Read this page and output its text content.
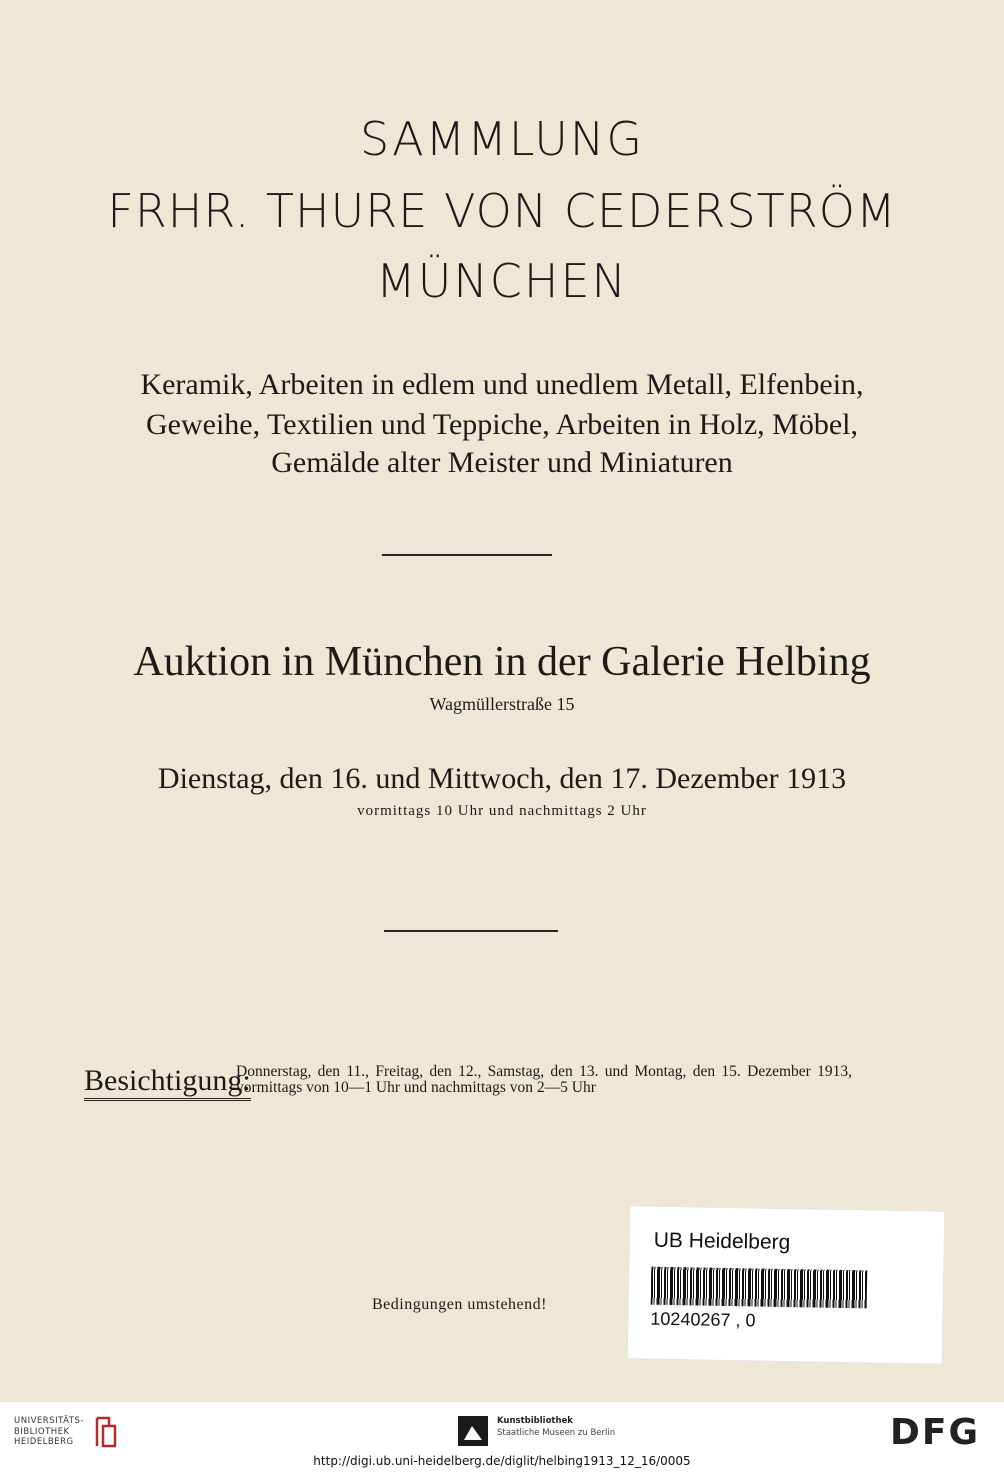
SAMMLUNG
FRHR. THURE VON CEDERSTRÖM
MÜNCHEN
Keramik, Arbeiten in edlem und unedlem Metall, Elfenbein,
Geweihe, Textilien und Teppiche, Arbeiten in Holz, Möbel,
Gemälde alter Meister und Miniaturen
Auktion in München in der Galerie Helbing
Wagmüllerstraße 15
Dienstag, den 16. und Mittwoch, den 17. Dezember 1913
vormittags 10 Uhr und nachmittags 2 Uhr
Besichtigung:
Donnerstag, den 11., Freitag, den 12., Samstag, den 13. und Montag, den 15. Dezember 1913, vormittags von 10—1 Uhr und nachmittags von 2—5 Uhr
Bedingungen umstehend!
UB Heidelberg
10240267 , 0
UNIVERSITÄTS-
BIBLIOTHEK
HEIDELBERG
Kunstbibliothek
Staatliche Museen zu Berlin	DFG
http://digi.ub.uni-heidelberg.de/diglit/helbing1913_12_16/0005
